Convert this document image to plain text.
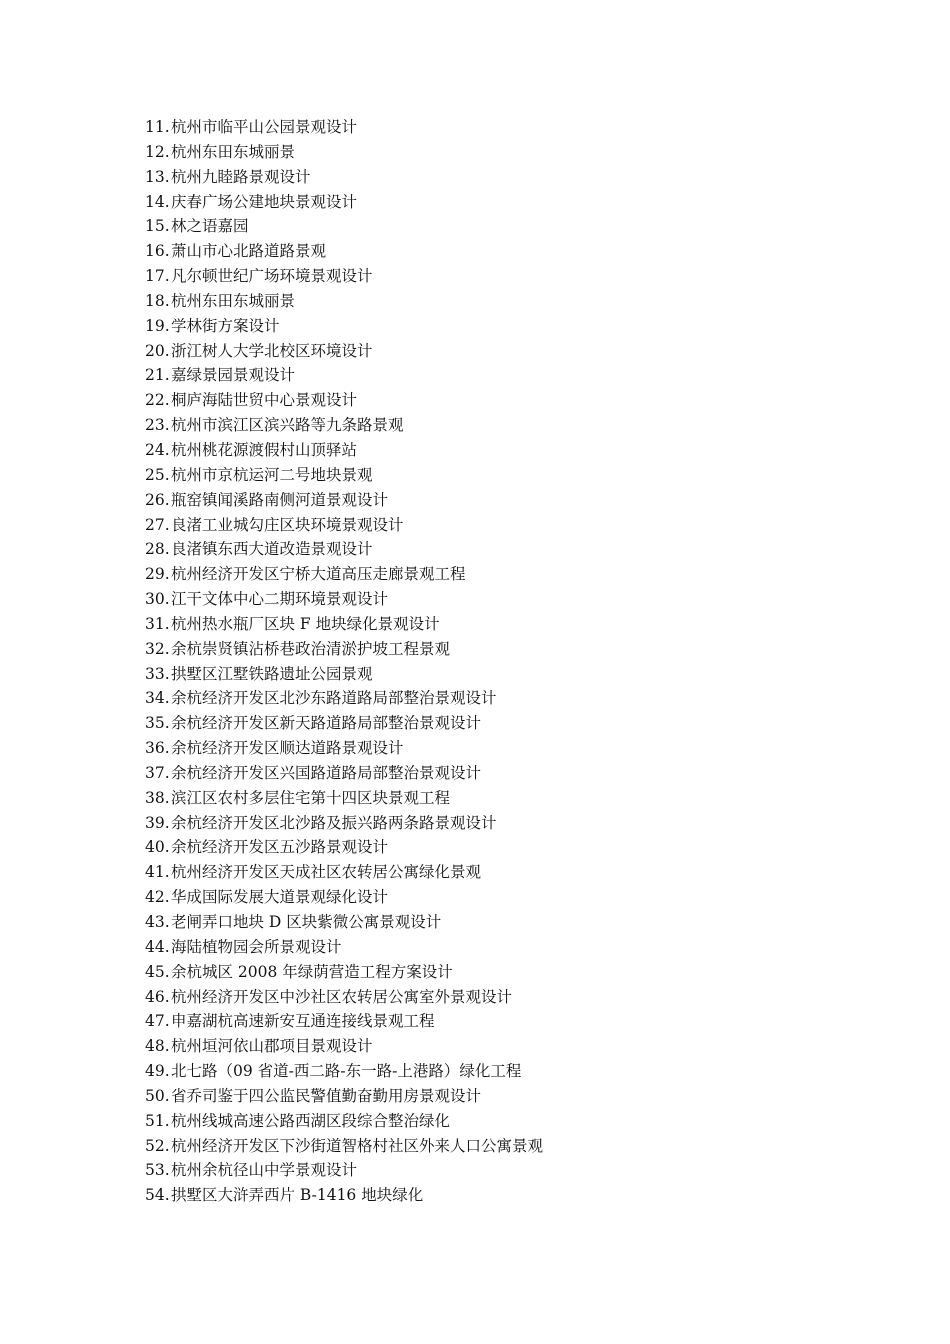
11.杭州市临平山公园景观设计
12.杭州东田东城丽景
13.杭州九睦路景观设计
14.庆春广场公建地块景观设计
15.林之语嘉园
16.萧山市心北路道路景观
17.凡尔顿世纪广场环境景观设计
18.杭州东田东城丽景
19.学林街方案设计
20.浙江树人大学北校区环境设计
21.嘉绿景园景观设计
22.桐庐海陆世贸中心景观设计
23.杭州市滨江区滨兴路等九条路景观
24.杭州桃花源渡假村山顶驿站
25.杭州市京杭运河二号地块景观
26.瓶窑镇闻溪路南侧河道景观设计
27.良渚工业城勾庄区块环境景观设计
28.良渚镇东西大道改造景观设计
29.杭州经济开发区宁桥大道高压走廊景观工程
30.江干文体中心二期环境景观设计
31.杭州热水瓶厂区块 F 地块绿化景观设计
32.余杭崇贤镇沾桥巷政治清淤护坡工程景观
33.拱墅区江墅铁路遗址公园景观
34.余杭经济开发区北沙东路道路局部整治景观设计
35.余杭经济开发区新天路道路局部整治景观设计
36.余杭经济开发区顺达道路景观设计
37.余杭经济开发区兴国路道路局部整治景观设计
38.滨江区农村多层住宅第十四区块景观工程
39.余杭经济开发区北沙路及振兴路两条路景观设计
40.余杭经济开发区五沙路景观设计
41.杭州经济开发区天成社区农转居公寓绿化景观
42.华成国际发展大道景观绿化设计
43.老闸弄口地块 D 区块紫微公寓景观设计
44.海陆植物园会所景观设计
45.余杭城区 2008 年绿荫营造工程方案设计
46.杭州经济开发区中沙社区农转居公寓室外景观设计
47.申嘉湖杭高速新安互通连接线景观工程
48.杭州垣河依山郡项目景观设计
49.北七路（09 省道-西二路-东一路-上港路）绿化工程
50.省乔司鉴于四公监民警值勤奋勤用房景观设计
51.杭州线城高速公路西湖区段综合整治绿化
52.杭州经济开发区下沙街道智格村社区外来人口公寓景观
53.杭州余杭径山中学景观设计
54.拱墅区大浒弄西片 B-1416 地块绿化
